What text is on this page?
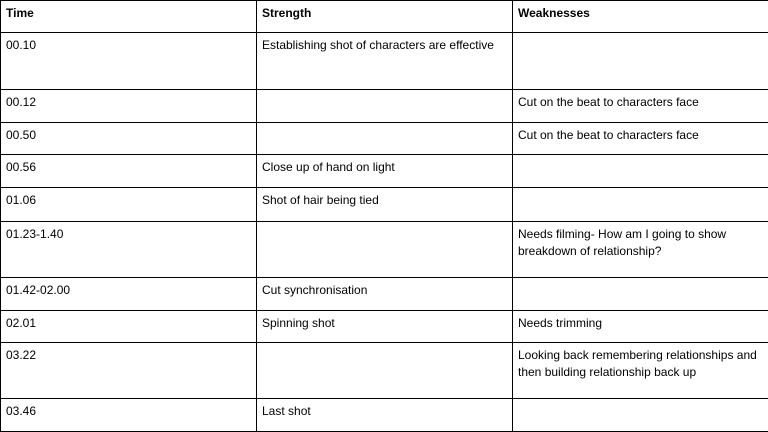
Time	Strength	Weaknesses
00.10	Establishing shot of characters are effective	
00.12		Cut on the beat to characters face
00.50		Cut on the beat to characters face
00.56	Close up of hand on light	
01.06	Shot of hair being tied	
01.23-1.40		Needs filming- How am I going to show breakdown of relationship?
01.42-02.00	Cut synchronisation	
02.01	Spinning shot	Needs trimming
03.22		Looking back remembering relationships and then building relationship back up
03.46	Last shot	
